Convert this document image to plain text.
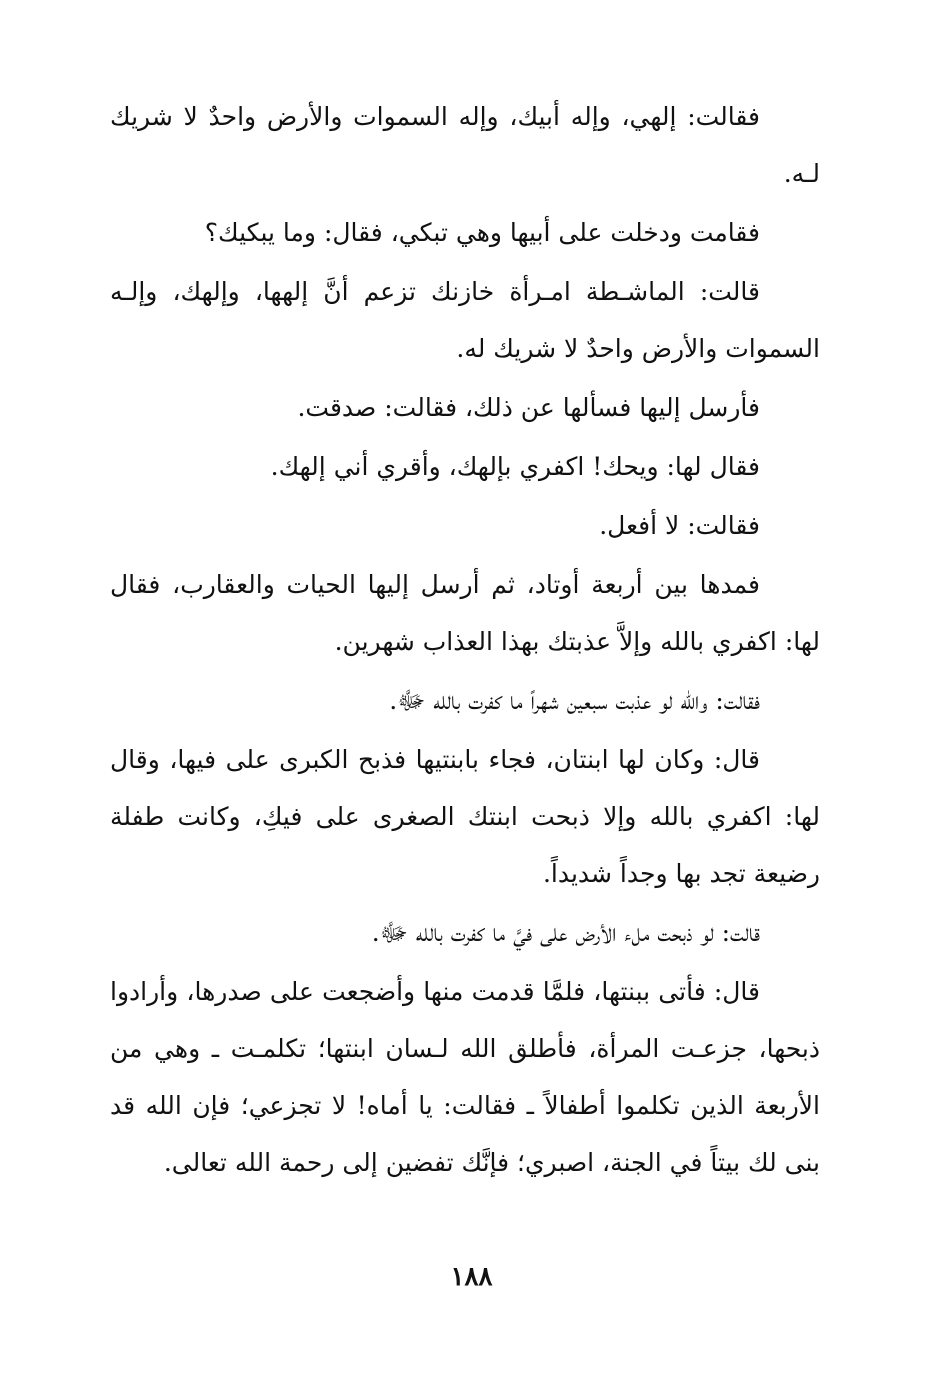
فقالت: إلهي، وإله أبيك، وإله السموات والأرض واحدٌ لا شريك لـه.

فقامت ودخلت على أبيها وهي تبكي، فقال: وما يبكيك؟

قالت: الماشـطة امـرأة خازنك تزعم أنَّ إلهها، وإلهك، وإلـه السموات والأرض واحدٌ لا شريك له.

فأرسل إليها فسألها عن ذلك، فقالت: صدقت.

فقال لها: ويحك! اكفري بإلهك، وأقري أني إلهك.

فقالت: لا أفعل.

فمدها بين أربعة أوتاد، ثم أرسل إليها الحيات والعقارب، فقال لها: اكفري بالله وإلاَّ عذبتك بهذا العذاب شهرين.

فقالت: والله لو عذبت سبعين شهراً ما كفرت بالله ﷻ.

قال: وكان لها ابنتان، فجاء بابنتيها فذبح الكبرى على فيها، وقال لها: اكفري بالله وإلا ذبحت ابنتك الصغرى على فيكِ، وكانت طفلة رضيعة تجد بها وجداً شديداً.

قالت: لو ذبحت ملء الأرض على فيَّ ما كفرت بالله ﷻ.

قال: فأتى ببنتها، فلمَّا قدمت منها وأضجعت على صدرها، وأرادوا ذبحها، جزعـت المرأة، فأطلق الله لـسان ابنتها؛ تكلمـت ـ وهي من الأربعة الذين تكلموا أطفالاً ـ فقالت: يا أماه! لا تجزعي؛ فإن الله قد بنى لك بيتاً في الجنة، اصبري؛ فإنَّك تفضين إلى رحمة الله تعالى.

١٨٨
